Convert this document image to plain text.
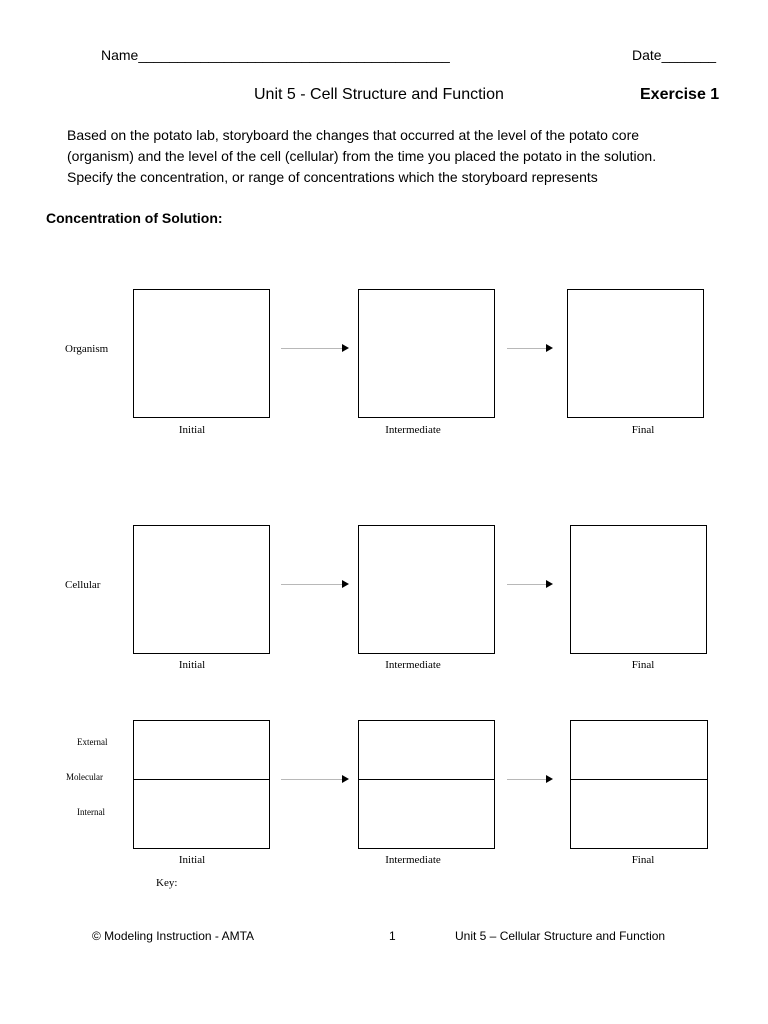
Name________________________________________	Date_______
Unit 5 - Cell Structure and Function	Exercise 1
Based on the potato lab, storyboard the changes that occurred at the level of the potato core
(organism) and the level of the cell (cellular) from the time you placed the potato in the solution.
Specify the concentration, or range of concentrations which the storyboard represents
Concentration of Solution:
Organism
Initial	Intermediate	Final
Cellular
Initial	Intermediate	Final
External
Molecular
Internal
Initial	Intermediate	Final
Key:
© Modeling Instruction - AMTA	1	Unit 5 – Cellular Structure and Function
